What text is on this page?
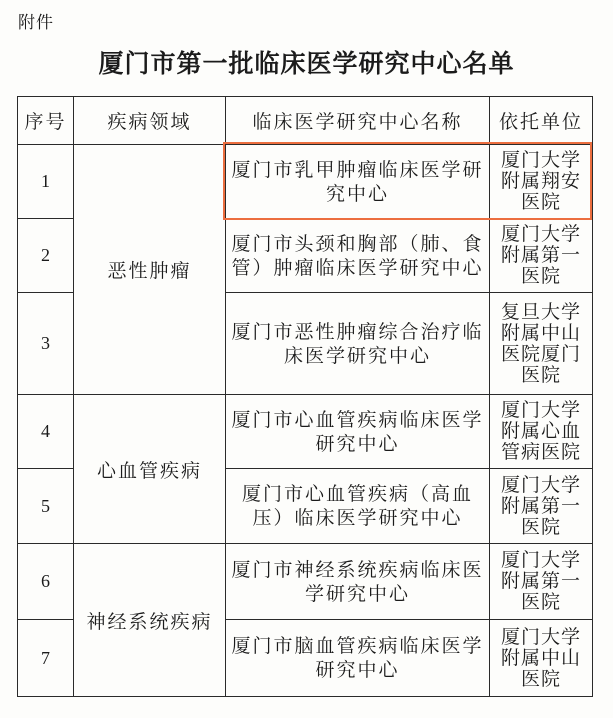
附件
厦门市第一批临床医学研究中心名单
序号	疾病领域	临床医学研究中心名称	依托单位
1	恶性肿瘤	厦门市乳甲肿瘤临床医学研究中心	厦门大学附属翔安医院
2		厦门市头颈和胸部（肺、食管）肿瘤临床医学研究中心	厦门大学附属第一医院
3		厦门市恶性肿瘤综合治疗临床医学研究中心	复旦大学附属中山医院厦门医院
4	心血管疾病	厦门市心血管疾病临床医学研究中心	厦门大学附属心血管病医院
5		厦门市心血管疾病（高血压）临床医学研究中心	厦门大学附属第一医院
6	神经系统疾病	厦门市神经系统疾病临床医学研究中心	厦门大学附属第一医院
7		厦门市脑血管疾病临床医学研究中心	厦门大学附属中山医院
